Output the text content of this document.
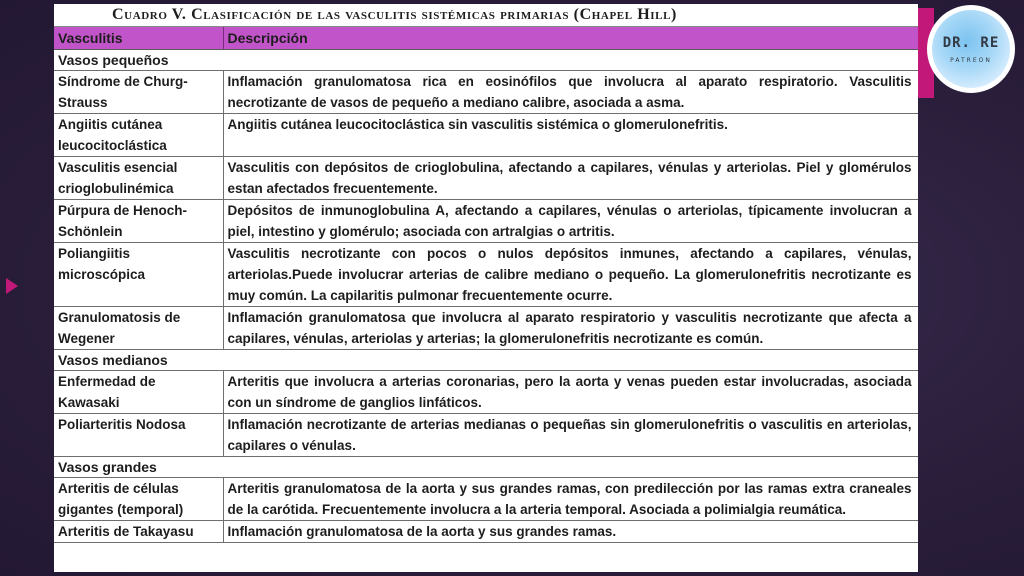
Cuadro V. Clasificación de las vasculitis sistémicas primarias (Chapel Hill)
Vasculitis	Descripción
Vasos pequeños	
Síndrome de Churg-Strauss	Inflamación granulomatosa rica en eosinófilos que involucra al aparato respiratorio. Vasculitis necrotizante de vasos de pequeño a mediano calibre, asociada a asma.
Angiitis cutánea leucocitoclástica	Angiitis cutánea leucocitoclástica sin vasculitis sistémica o glomerulonefritis.
Vasculitis esencial crioglobulinémica	Vasculitis con depósitos de crioglobulina, afectando a capilares, vénulas y arteriolas. Piel y glomérulos estan afectados frecuentemente.
Púrpura de Henoch-Schönlein	Depósitos de inmunoglobulina A, afectando a capilares, vénulas o arteriolas, típicamente involucran a piel, intestino y glomérulo; asociada con artralgias o artritis.
Poliangiitis microscópica	Vasculitis necrotizante con pocos o nulos depósitos inmunes, afectando a capilares, vénulas, arteriolas.Puede involucrar arterias de calibre mediano o pequeño. La glomerulonefritis necrotizante es muy común. La capilaritis pulmonar frecuentemente ocurre.
Granulomatosis de Wegener	Inflamación granulomatosa que involucra al aparato respiratorio y vasculitis necrotizante que afecta a capilares, vénulas, arteriolas y arterias; la glomerulonefritis necrotizante es común.
Vasos medianos	
Enfermedad de Kawasaki	Arteritis que involucra a arterias coronarias, pero la aorta y venas pueden estar involucradas, asociada con un síndrome de ganglios linfáticos.
Poliarteritis Nodosa	Inflamación necrotizante de arterias medianas o pequeñas sin glomerulonefritis o vasculitis en arteriolas, capilares o vénulas.
Vasos grandes	
Arteritis de células gigantes (temporal)	Arteritis granulomatosa de la aorta y sus grandes ramas, con predilección por las ramas extra craneales de la carótida. Frecuentemente involucra a la arteria temporal. Asociada a polimialgia reumática.
Arteritis de Takayasu	Inflamación granulomatosa de la aorta y sus grandes ramas.
DR. RE
PATREON
